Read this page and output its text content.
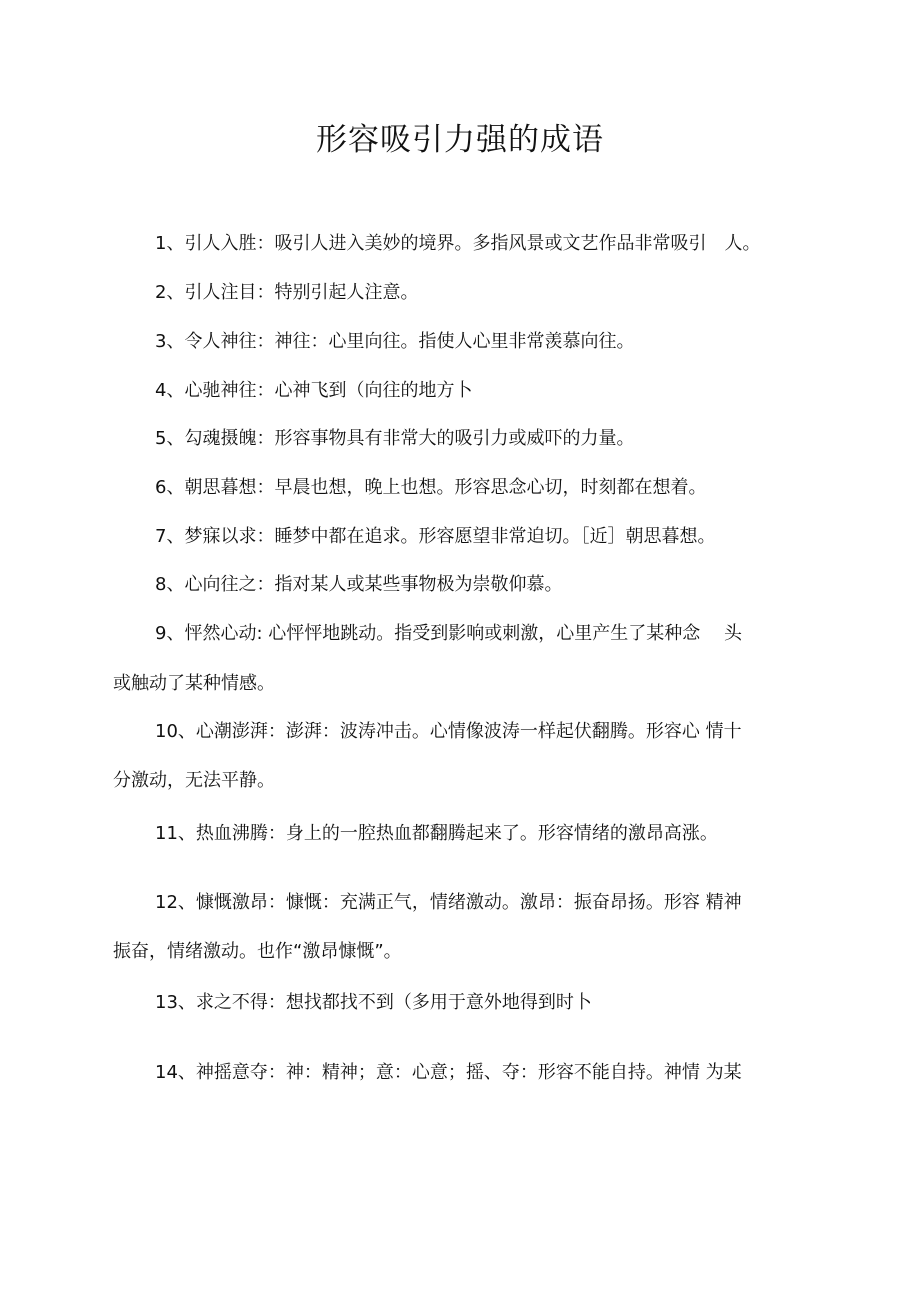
形容吸引力强的成语

1、引人入胜：吸引人进入美妙的境界。多指风景或文艺作品非常吸引　人。

2、引人注目：特别引起人注意。

3、令人神往：神往：心里向往。指使人心里非常羡慕向往。

4、心驰神往：心神飞到（向往的地方卜

5、勾魂摄魄：形容事物具有非常大的吸引力或威吓的力量。

6、朝思暮想：早晨也想，晚上也想。形容思念心切，时刻都在想着。

7、梦寐以求：睡梦中都在追求。形容愿望非常迫切。［近］朝思暮想。

8、心向往之：指对某人或某些事物极为崇敬仰慕。

9、怦然心动: 心怦怦地跳动。指受到影响或刺激，心里产生了某种念　 头

或触动了某种情感。

10、心潮澎湃：澎湃：波涛冲击。心情像波涛一样起伏翻腾。形容心 情十

分激动，无法平静。

11、热血沸腾：身上的一腔热血都翻腾起来了。形容情绪的激昂高涨。

12、慷慨激昂：慷慨：充满正气，情绪激动。激昂：振奋昂扬。形容 精神

振奋，情绪激动。也作“激昂慷慨”。

13、求之不得：想找都找不到（多用于意外地得到时卜

14、神摇意夺：神：精神；意：心意；摇、夺：形容不能自持。神情 为某
